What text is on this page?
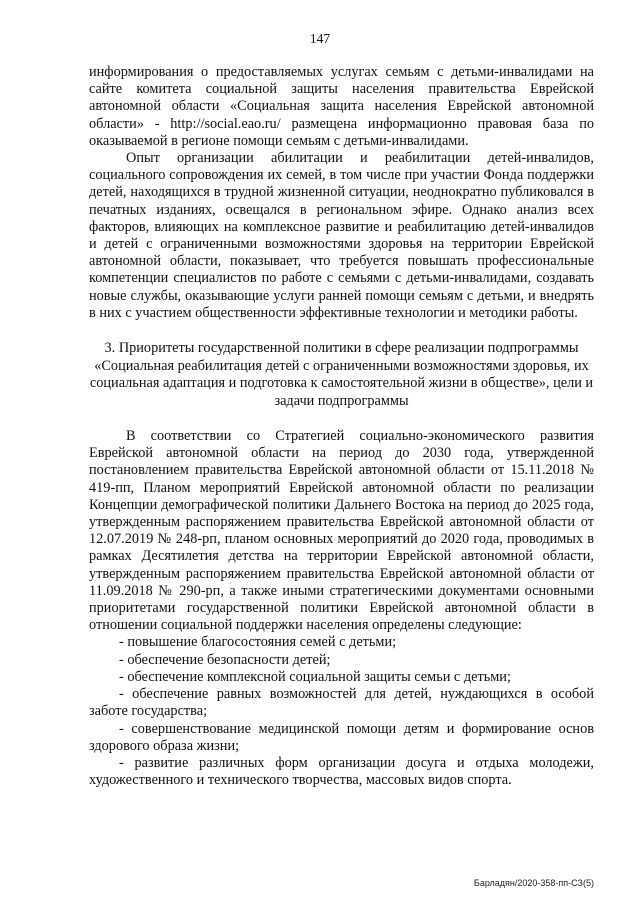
147

информирования о предоставляемых услугах семьям с детьми-инвалидами на сайте комитета социальной защиты населения правительства Еврейской автономной области «Социальная защита населения Еврейской автономной области» - http://social.eao.ru/ размещена информационно правовая база по оказываемой в регионе помощи семьям с детьми-инвалидами.

Опыт организации абилитации и реабилитации детей-инвалидов, социального сопровождения их семей, в том числе при участии Фонда поддержки детей, находящихся в трудной жизненной ситуации, неоднократно публиковался в печатных изданиях, освещался в региональном эфире. Однако анализ всех факторов, влияющих на комплексное развитие и реабилитацию детей-инвалидов и детей с ограниченными возможностями здоровья на территории Еврейской автономной области, показывает, что требуется повышать профессиональные компетенции специалистов по работе с семьями с детьми-инвалидами, создавать новые службы, оказывающие услуги ранней помощи семьям с детьми, и внедрять в них с участием общественности эффективные технологии и методики работы.

3. Приоритеты государственной политики в сфере реализации подпрограммы «Социальная реабилитация детей с ограниченными возможностями здоровья, их социальная адаптация и подготовка к самостоятельной жизни в обществе», цели и задачи подпрограммы

В соответствии со Стратегией социально-экономического развития Еврейской автономной области на период до 2030 года, утвержденной постановлением правительства Еврейской автономной области от 15.11.2018 № 419-пп, Планом мероприятий Еврейской автономной области по реализации Концепции демографической политики Дальнего Востока на период до 2025 года, утвержденным распоряжением правительства Еврейской автономной области от 12.07.2019 № 248-рп, планом основных мероприятий до 2020 года, проводимых в рамках Десятилетия детства на территории Еврейской автономной области, утвержденным распоряжением правительства Еврейской автономной области от 11.09.2018 № 290-рп, а также иными стратегическими документами основными приоритетами государственной политики Еврейской автономной области в отношении социальной поддержки населения определены следующие:

- повышение благосостояния семей с детьми;

- обеспечение безопасности детей;

- обеспечение комплексной социальной защиты семьи с детьми;

- обеспечение равных возможностей для детей, нуждающихся в особой заботе государства;

- совершенствование медицинской помощи детям и формирование основ здорового образа жизни;

- развитие различных форм организации досуга и отдыха молодежи, художественного и технического творчества, массовых видов спорта.

Барладян/2020-358-пп-СЗ(5)
